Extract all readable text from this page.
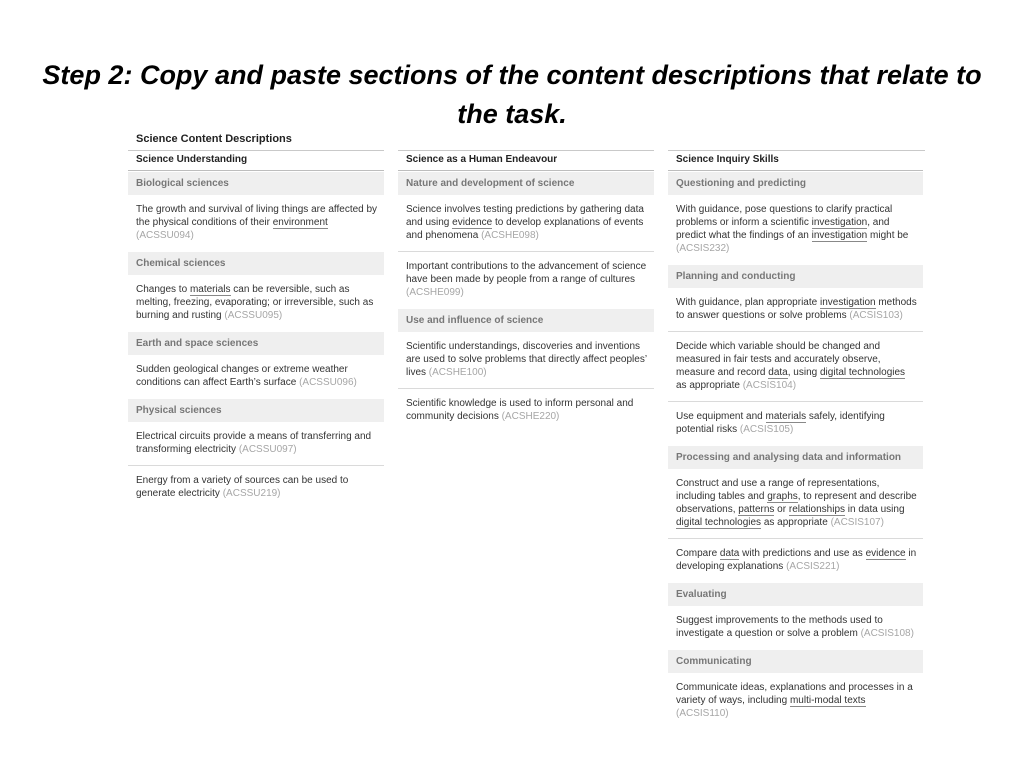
Step 2: Copy and paste sections of the content descriptions that relate to the task.
Science Content Descriptions
Science Understanding
Biological sciences
The growth and survival of living things are affected by the physical conditions of their environment (ACSSU094)
Chemical sciences
Changes to materials can be reversible, such as melting, freezing, evaporating; or irreversible, such as burning and rusting (ACSSU095)
Earth and space sciences
Sudden geological changes or extreme weather conditions can affect Earth’s surface (ACSSU096)
Physical sciences
Electrical circuits provide a means of transferring and transforming electricity (ACSSU097)
Energy from a variety of sources can be used to generate electricity (ACSSU219)
Science as a Human Endeavour
Nature and development of science
Science involves testing predictions by gathering data and using evidence to develop explanations of events and phenomena (ACSHE098)
Important contributions to the advancement of science have been made by people from a range of cultures (ACSHE099)
Use and influence of science
Scientific understandings, discoveries and inventions are used to solve problems that directly affect peoples’ lives (ACSHE100)
Scientific knowledge is used to inform personal and community decisions (ACSHE220)
Science Inquiry Skills
Questioning and predicting
With guidance, pose questions to clarify practical problems or inform a scientific investigation, and predict what the findings of an investigation might be (ACSIS232)
Planning and conducting
With guidance, plan appropriate investigation methods to answer questions or solve problems (ACSIS103)
Decide which variable should be changed and measured in fair tests and accurately observe, measure and record data, using digital technologies as appropriate (ACSIS104)
Use equipment and materials safely, identifying potential risks (ACSIS105)
Processing and analysing data and information
Construct and use a range of representations, including tables and graphs, to represent and describe observations, patterns or relationships in data using digital technologies as appropriate (ACSIS107)
Compare data with predictions and use as evidence in developing explanations (ACSIS221)
Evaluating
Suggest improvements to the methods used to investigate a question or solve a problem (ACSIS108)
Communicating
Communicate ideas, explanations and processes in a variety of ways, including multi-modal texts (ACSIS110)
